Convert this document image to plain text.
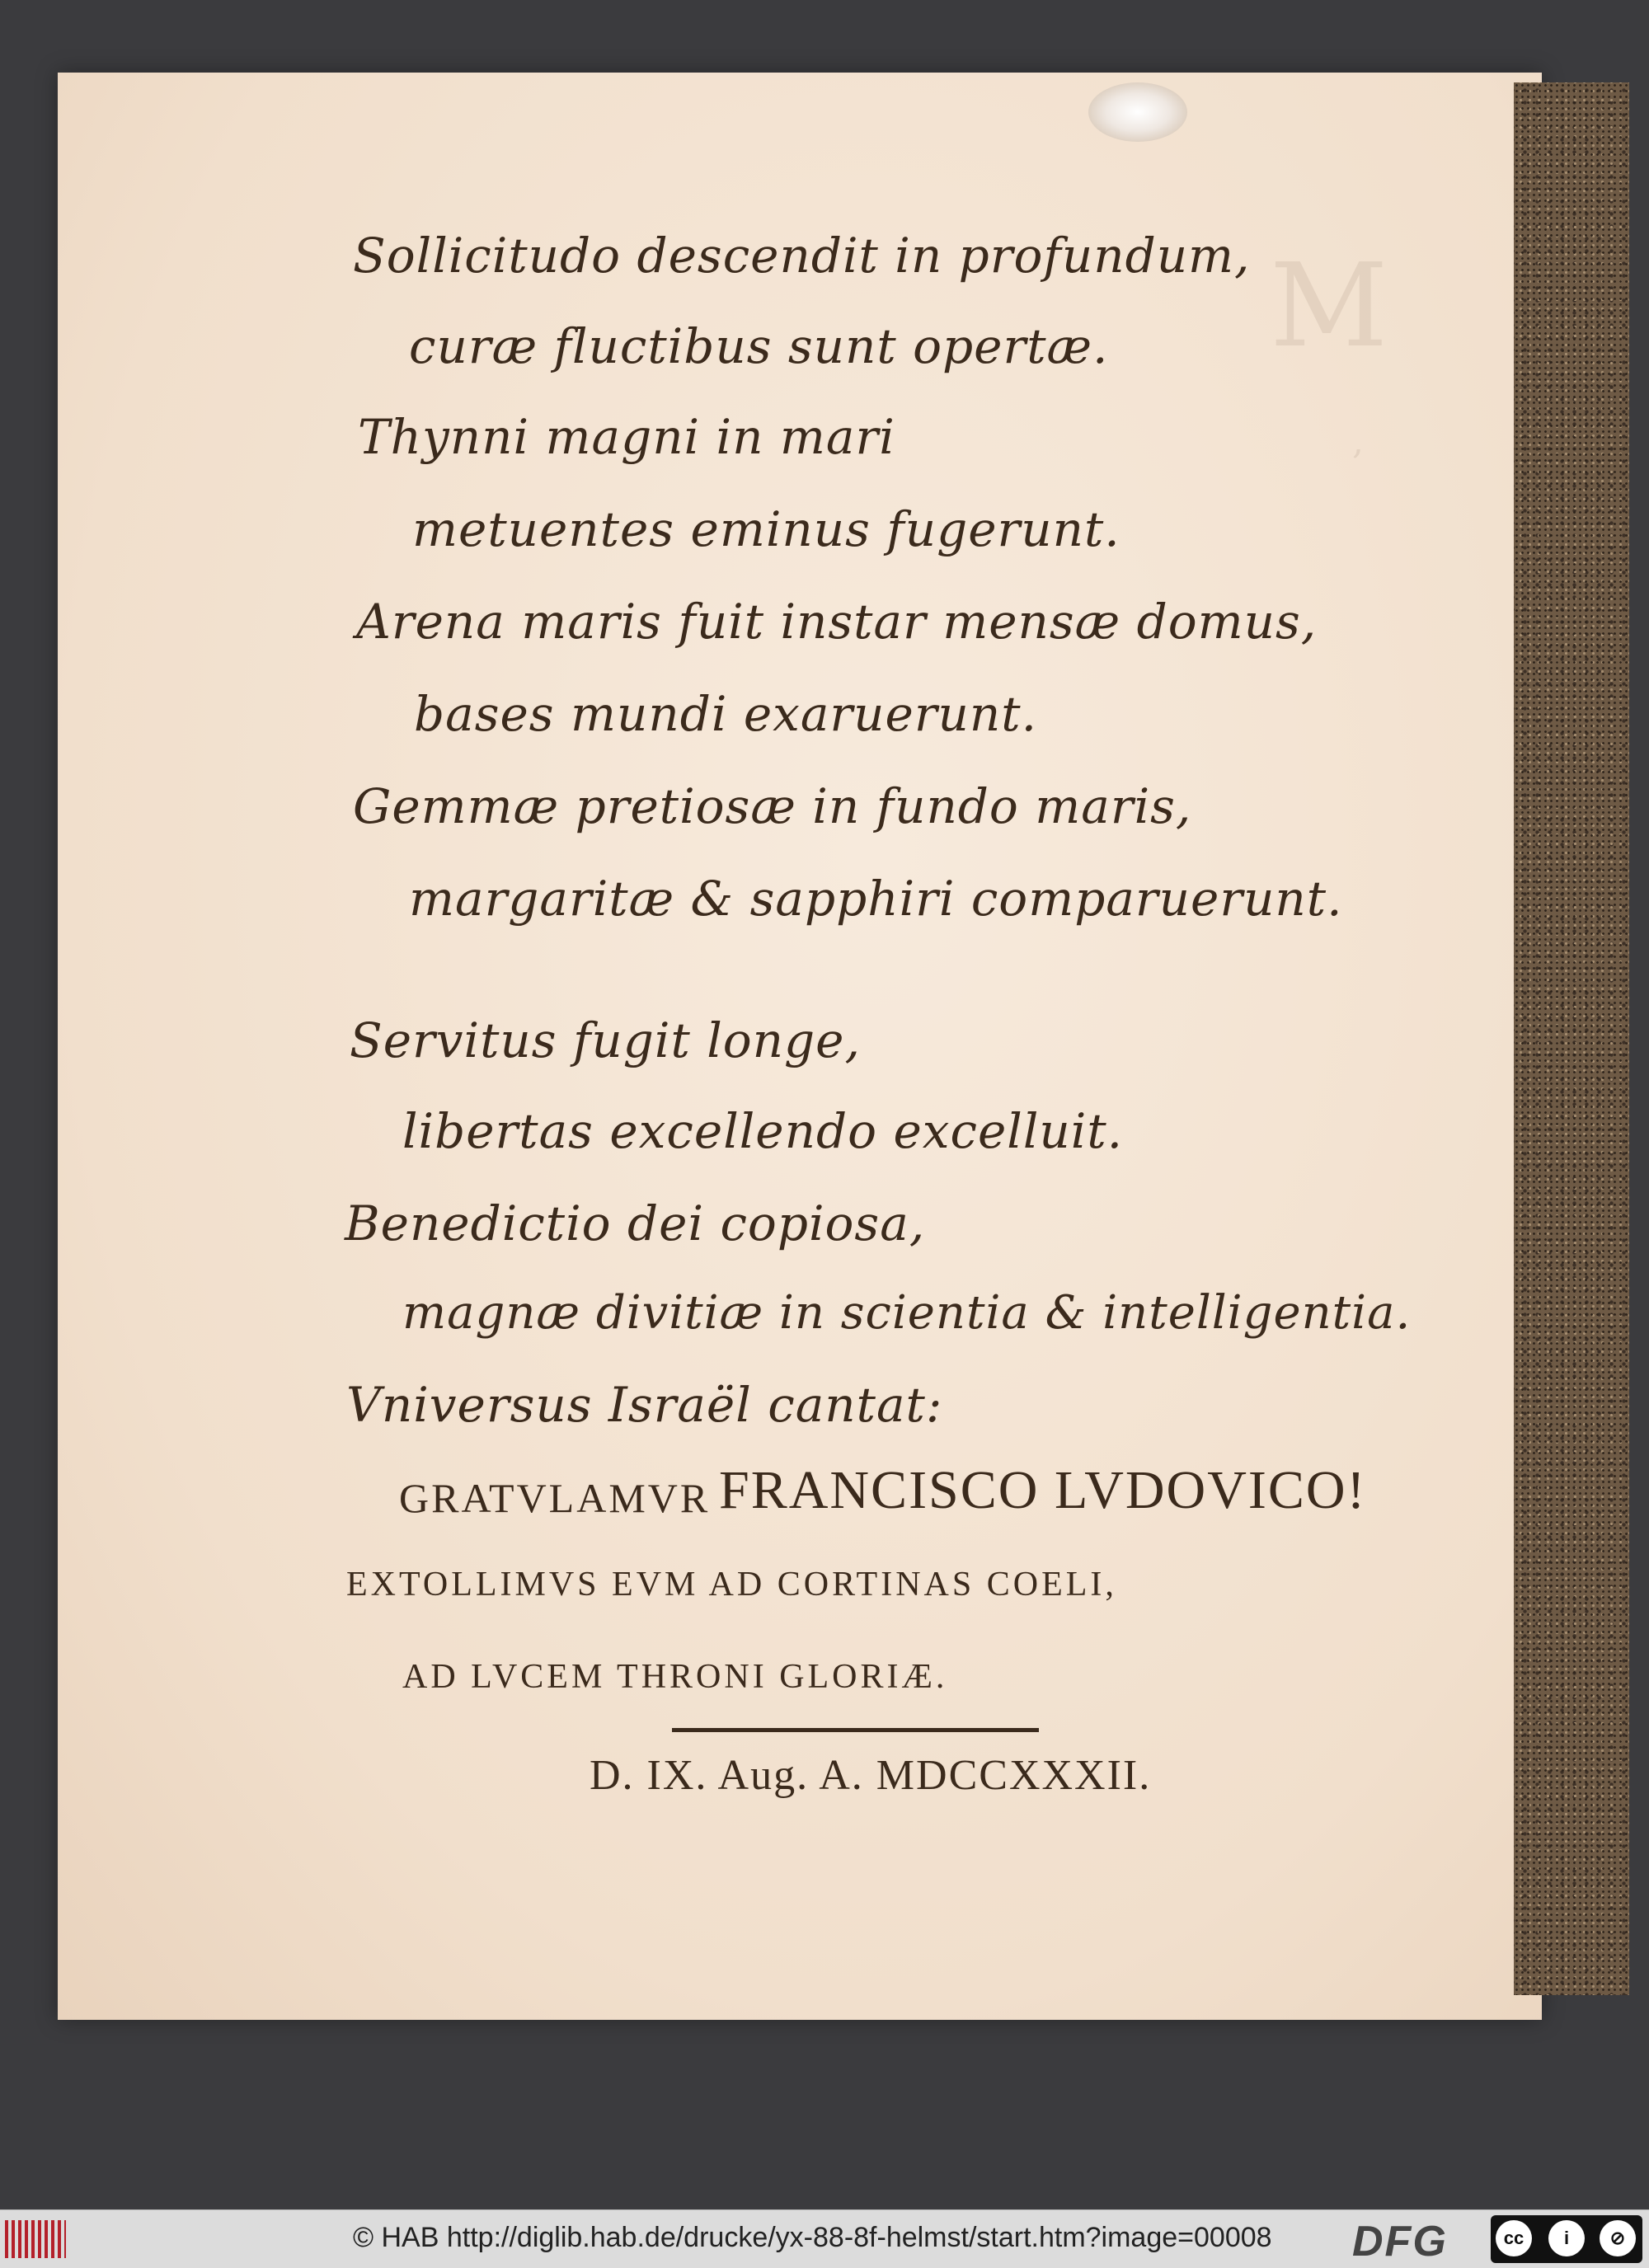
M
,
Sollicitudo descendit in profundum,
curæ fluctibus sunt opertæ.
Thynni magni in mari
metuentes eminus fugerunt.
Arena maris fuit instar mensæ domus,
bases mundi exaruerunt.
Gemmæ pretiosæ in fundo maris,
margaritæ & sapphiri comparuerunt.
Servitus fugit longe,
libertas excellendo excelluit.
Benedictio dei copiosa,
magnæ divitiæ in scientia & intelligentia.
Vniversus Israël cantat:
GRATVLAMVR FRANCISCO LVDOVICO!
EXTOLLIMVS EVM AD CORTINAS COELI,
AD LVCEM THRONI GLORIÆ.
D. IX. Aug. A. MDCCXXXII.
© HAB http://diglib.hab.de/drucke/yx-88-8f-helmst/start.htm?image=00008 DFG	cc	i	⊘
